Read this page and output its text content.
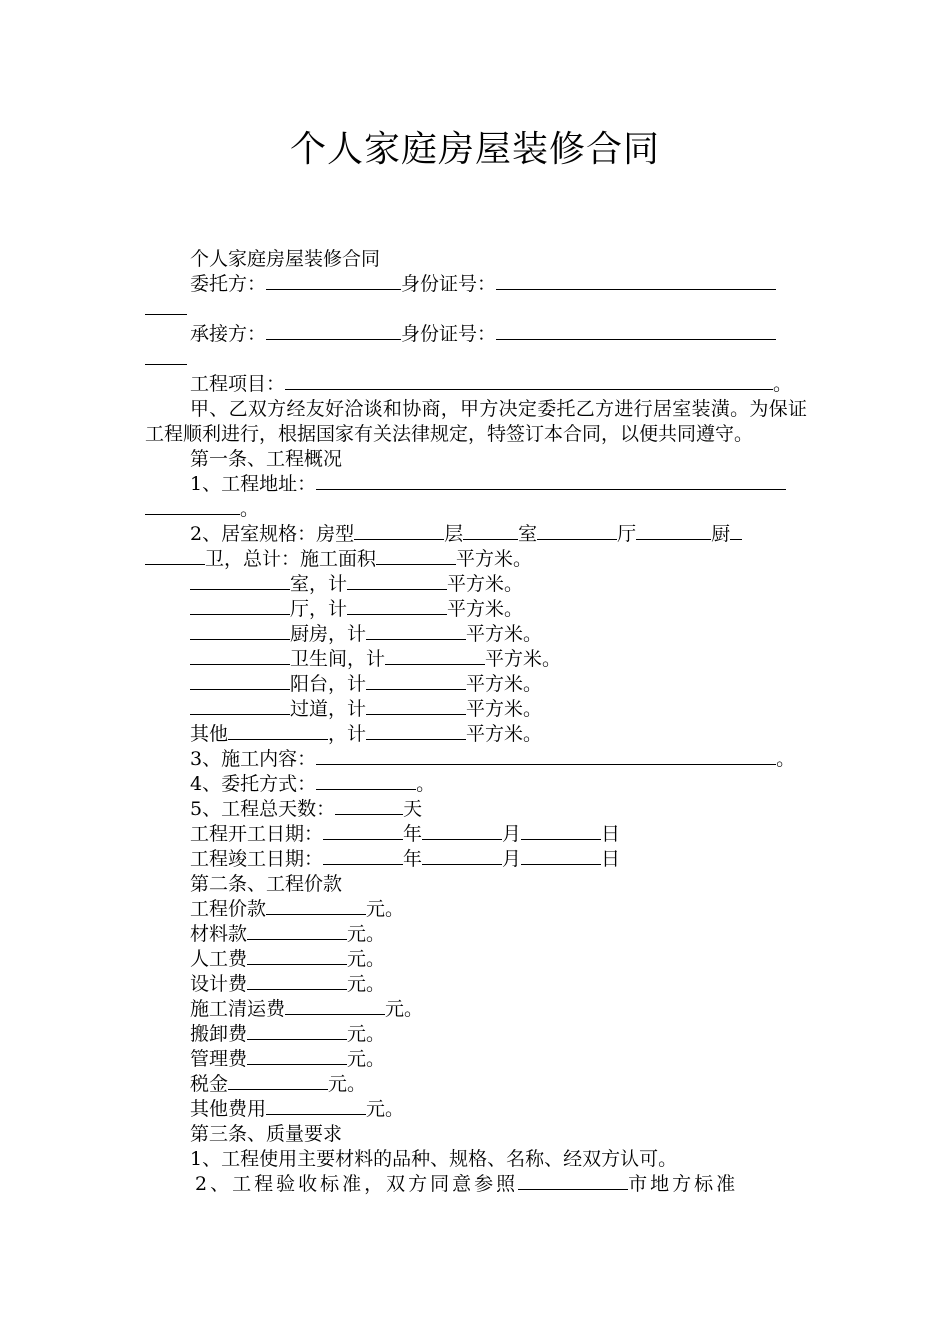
个人家庭房屋装修合同
个人家庭房屋装修合同
委托方：	身份证号：
承接方：	身份证号：
工程项目：	。
甲、乙双方经友好洽谈和协商，甲方决定委托乙方进行居室装潢。为保证工程顺利进行，根据国家有关法律规定，特签订本合同，以便共同遵守。
第一条、工程概况
1、工程地址：
。
2、居室规格：房型	层	室	厅	厨
卫，总计：施工面积	平方米。
室，计	平方米。
厅，计	平方米。
厨房，计	平方米。
卫生间，计	平方米。
阳台，计	平方米。
过道，计	平方米。
其他	，计	平方米。
3、施工内容：	。
4、委托方式：	。
5、工程总天数：	天
工程开工日期：	年	月	日
工程竣工日期：	年	月	日
第二条、工程价款
工程价款	元。
材料款	元。
人工费	元。
设计费	元。
施工清运费	元。
搬卸费	元。
管理费	元。
税金	元。
其他费用	元。
第三条、质量要求
1、工程使用主要材料的品种、规格、名称、经双方认可。
2、工程验收标准，双方同意参照	市地方标准
